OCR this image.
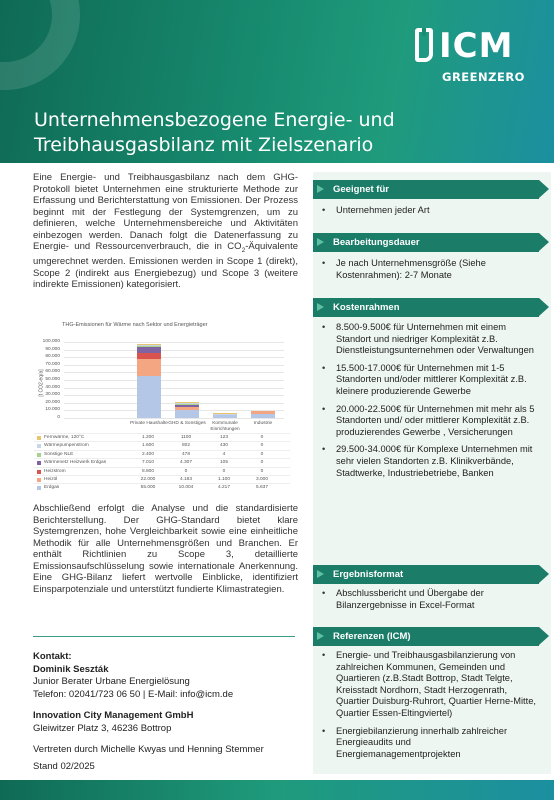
ICM
GREENZERO
Unternehmensbezogene Energie- und Treibhausgasbilanz mit Zielszenario

Eine Energie- und Treibhausgasbilanz nach dem GHG-Protokoll bietet Unternehmen eine strukturierte Methode zur Erfassung und Berichterstattung von Emissionen. Der Prozess beginnt mit der Festlegung der Systemgrenzen, um zu definieren, welche Unternehmensbereiche und Aktivitäten einbezogen werden. Danach folgt die Datenerfassung zu Energie- und Ressourcenverbrauch, die in $CO_2$-Äquivalente umgerechnet werden. Emissionen werden in Scope 1 (direkt), Scope 2 (indirekt aus Energiebezug) und Scope 3 (weitere indirekte Emissionen) kategorisiert.

THG-Emissionen für Wärme nach Sektor und Energieträger
[t CO2-eq/a]
100.000
90.000
80.000
70.000
60.000
50.000
40.000
30.000
20.000
10.000
0
Private Haushalte GHD & Sonstiges	Kommunale Einrichtungen
Industrie
Fernwärme, 120°C	1.200	1100	123	0
Wärmepumpenstrom	1.600	802	430	0
Sonstige NLE	2.400	478	4	0
Wärmenetz Heizwerk Erdgas	7.010	4.307	105	0
Heizstrom	8.800	0	0	0
Heizöl	22.000	4.183	1.100	3.000
Erdgas	55.000	10.004	4.217	5.637

Abschließend erfolgt die Analyse und die standardisierte Berichterstellung. Der GHG-Standard bietet klare Systemgrenzen, hohe Vergleichbarkeit sowie eine einheitliche Methodik für alle Unternehmensgrößen und Branchen. Er enthält Richtlinien zu Scope 3, detaillierte Emissionsaufschlüsselung sowie internationale Anerkennung. Eine GHG-Bilanz liefert wertvolle Einblicke, identifiziert Einsparpotenziale und unterstützt fundierte Klimastrategien.

Kontakt:
Dominik Seszták
Junior Berater Urbane Energielösung
Telefon: 02041/723 06 50 | E-Mail: info@icm.de
Innovation City Management GmbH
Gleiwitzer Platz 3, 46236 Bottrop
Vertreten durch Michelle Kwyas und Henning Stemmer
Stand 02/2025
Geeignet für
• Unternehmen jeder Art
Bearbeitungsdauer
• Je nach Unternehmensgröße (Siehe Kostenrahmen): 2-7 Monate
Kostenrahmen
• 8.500-9.500€ für Unternehmen mit einem Standort und niedriger Komplexität z.B. Dienstleistungsunternehmen oder Verwaltungen
• 15.500-17.000€ für Unternehmen mit 1-5 Standorten und/oder mittlerer Komplexität z.B. kleinere produzierende Gewerbe
• 20.000-22.500€ für Unternehmen mit mehr als 5 Standorten und/ oder mittlerer Komplexität z.B. produzierendes Gewerbe , Versicherungen
• 29.500-34.000€ für Komplexe Unternehmen mit sehr vielen Standorten z.B. Klinikverbände, Stadtwerke, Industriebetriebe, Banken
Ergebnisformat
• Abschlussbericht und Übergabe der Bilanzergebnisse in Excel-Format
Referenzen (ICM)
• Energie- und Treibhausgasbilanzierung von zahlreichen Kommunen, Gemeinden und Quartieren (z.B.Stadt Bottrop, Stadt Telgte, Kreisstadt Nordhorn, Stadt Herzogenrath, Quartier Duisburg-Ruhrort, Quartier Herne-Mitte, Quartier Essen-Eltingviertel)
• Energiebilanzierung innerhalb zahlreicher Energieaudits und Energiemanagementprojekten
